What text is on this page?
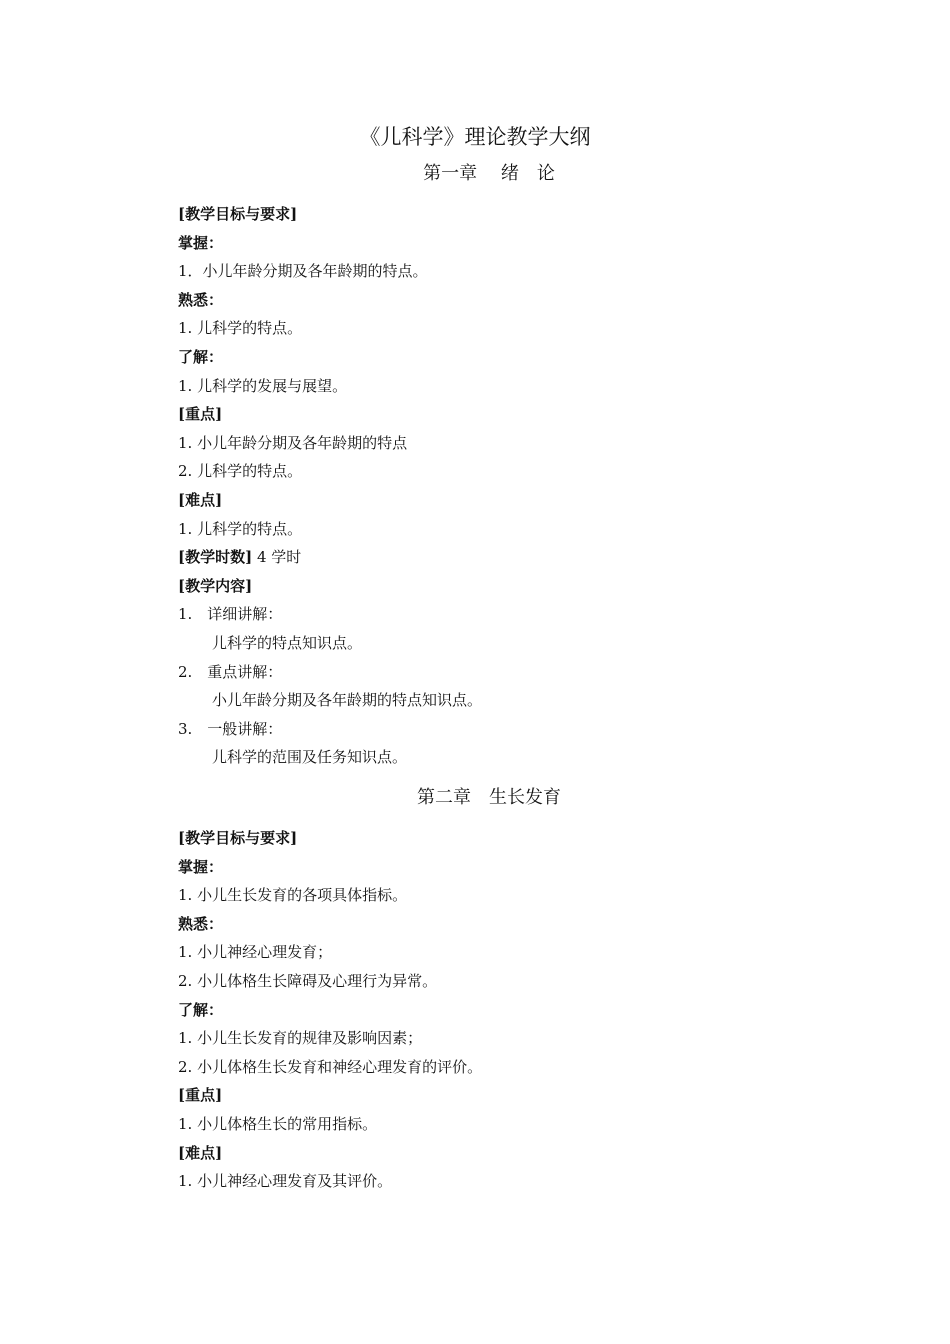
《儿科学》理论教学大纲
第一章　 绪　论
[教学目标与要求]
掌握：
1．小儿年龄分期及各年龄期的特点。
熟悉：
1. 儿科学的特点。
了解：
1. 儿科学的发展与展望。
[重点]
1. 小儿年龄分期及各年龄期的特点
2. 儿科学的特点。
[难点]
1. 儿科学的特点。
[教学时数] 4 学时
[教学内容]
1.　详细讲解：
儿科学的特点知识点。
2.　重点讲解：
小儿年龄分期及各年龄期的特点知识点。
3.　一般讲解：
儿科学的范围及任务知识点。
第二章　生长发育
[教学目标与要求]
掌握：
1. 小儿生长发育的各项具体指标。
熟悉：
1. 小儿神经心理发育；
2. 小儿体格生长障碍及心理行为异常。
了解：
1. 小儿生长发育的规律及影响因素；
2. 小儿体格生长发育和神经心理发育的评价。
[重点]
1. 小儿体格生长的常用指标。
[难点]
1. 小儿神经心理发育及其评价。
